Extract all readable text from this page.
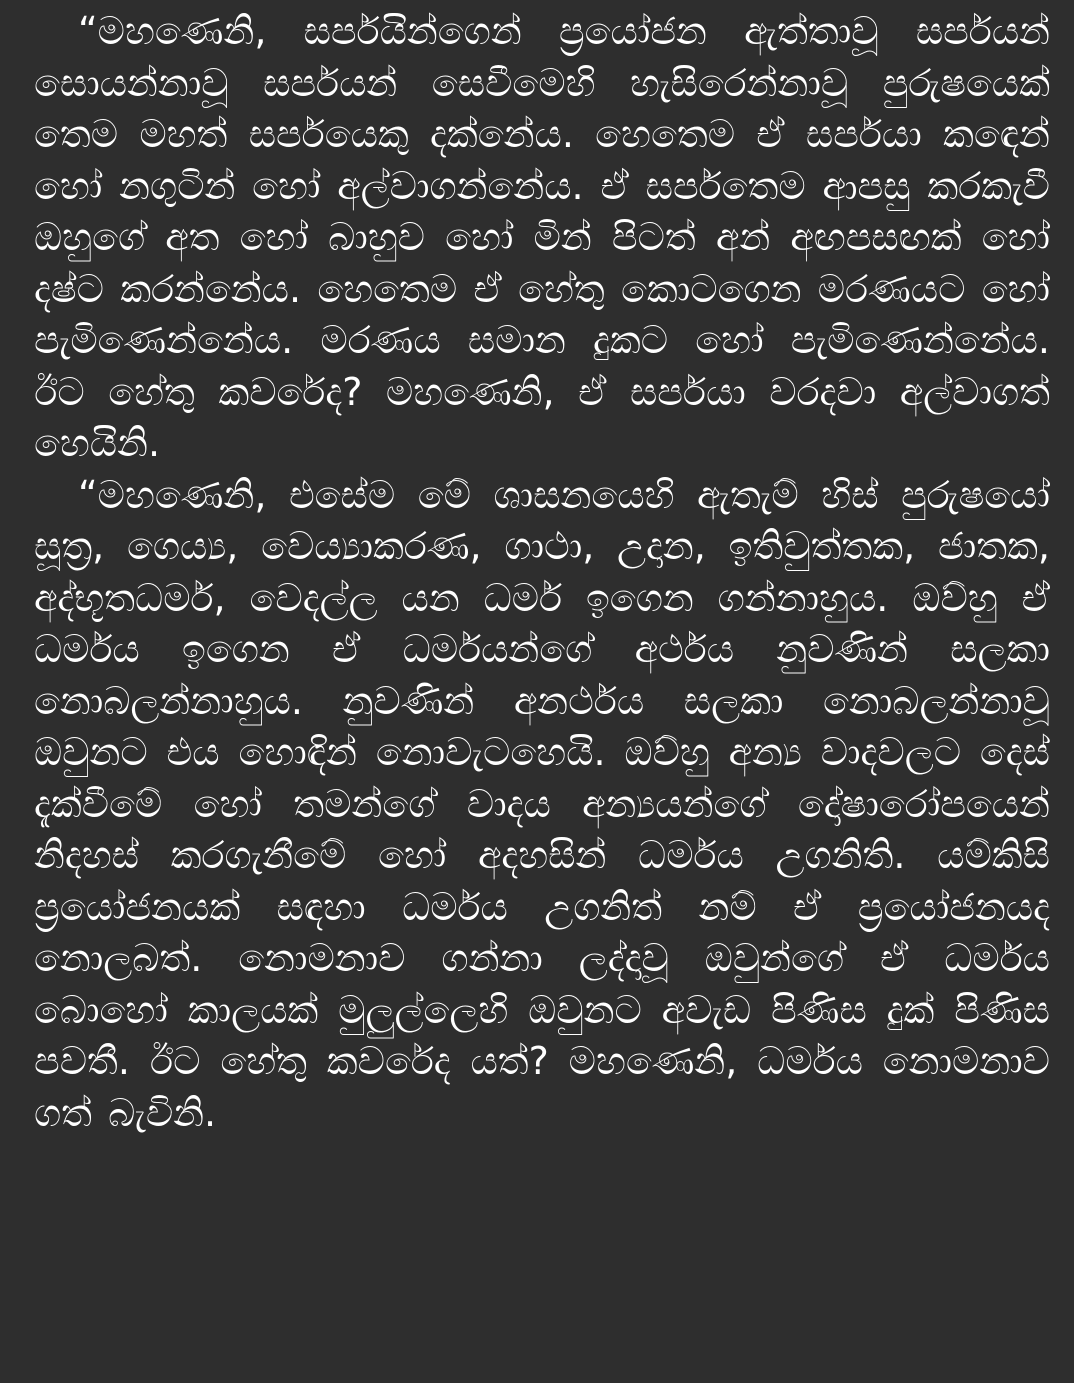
“මහණෙනි, සර්පයින්ගෙන් ප්‍රයෝජන ඇත්තාවූ සර්පයන් සොයන්නාවූ සර්පයන් සෙවීමෙහි හැසිරෙන්නාවූ පුරුෂයෙක් තෙම මහත් සර්පයෙකු දක්නේය. හෙතෙම ඒ සර්පයා කඳෙන් හෝ නගුටින් හෝ අල්වාගන්නේය. ඒ සර්පතෙම ආපසු කරකැවී ඔහුගේ අත හෝ බාහුව හෝ මින් පිටත් අන් අඟපසඟක් හෝ දෂ්ට කරන්නේය. හෙතෙම ඒ හේතු කොටගෙන මරණයට හෝ පැමිණෙන්නේය. මරණය සමාන දුකට හෝ පැමිණෙන්නේය. ඊට හේතු කවරේද? මහණෙනි, ඒ සර්පයා වරදවා අල්වාගත් හෙයිනි.

“මහණෙනි, එසේම මේ ශාසනයෙහි ඇතැම් හිස් පුරුෂයෝ සූත්‍ර, ගෙය්‍ය, වෙය්‍යාකරණ, ගාථා, උදාන, ඉතිවුත්තක, ජාතක, අද්භූතධර්ම, වෙදල්ල යන ධර්ම ඉගෙන ගන්නාහුය. ඔව්හු ඒ ධර්මය ඉගෙන ඒ ධර්මයන්ගේ අර්ථය නුවණින් සලකා නොබලන්නාහුය. නුවණින් අනර්ථය සලකා නොබලන්නාවූ ඔවුනට එය හොඳින් නොවැටහෙයි. ඔව්හු අන්‍ය වාදවලට දෙස් දැක්වීමේ හෝ තමන්ගේ වාදය අන්‍යයන්ගේ දෝෂාරෝපයෙන් නිදහස් කරගැනීමේ හෝ අදහසින් ධර්මය උගනිති. යම්කිසි ප්‍රයෝජනයක් සඳහා ධර්මය උගනිත් නම් ඒ ප්‍රයෝජනයද නොලබත්. නොමනාව ගන්නා ලද්දාවූ ඔවුන්ගේ ඒ ධර්මය බොහෝ කාලයක් මුලුල්ලෙහි ඔවුනට අවැඩ පිණිස දුක් පිණිස පවතී. ඊට හේතු කවරේද යත්? මහණෙනි, ධර්මය නොමනාව ගත් බැවිනි.
